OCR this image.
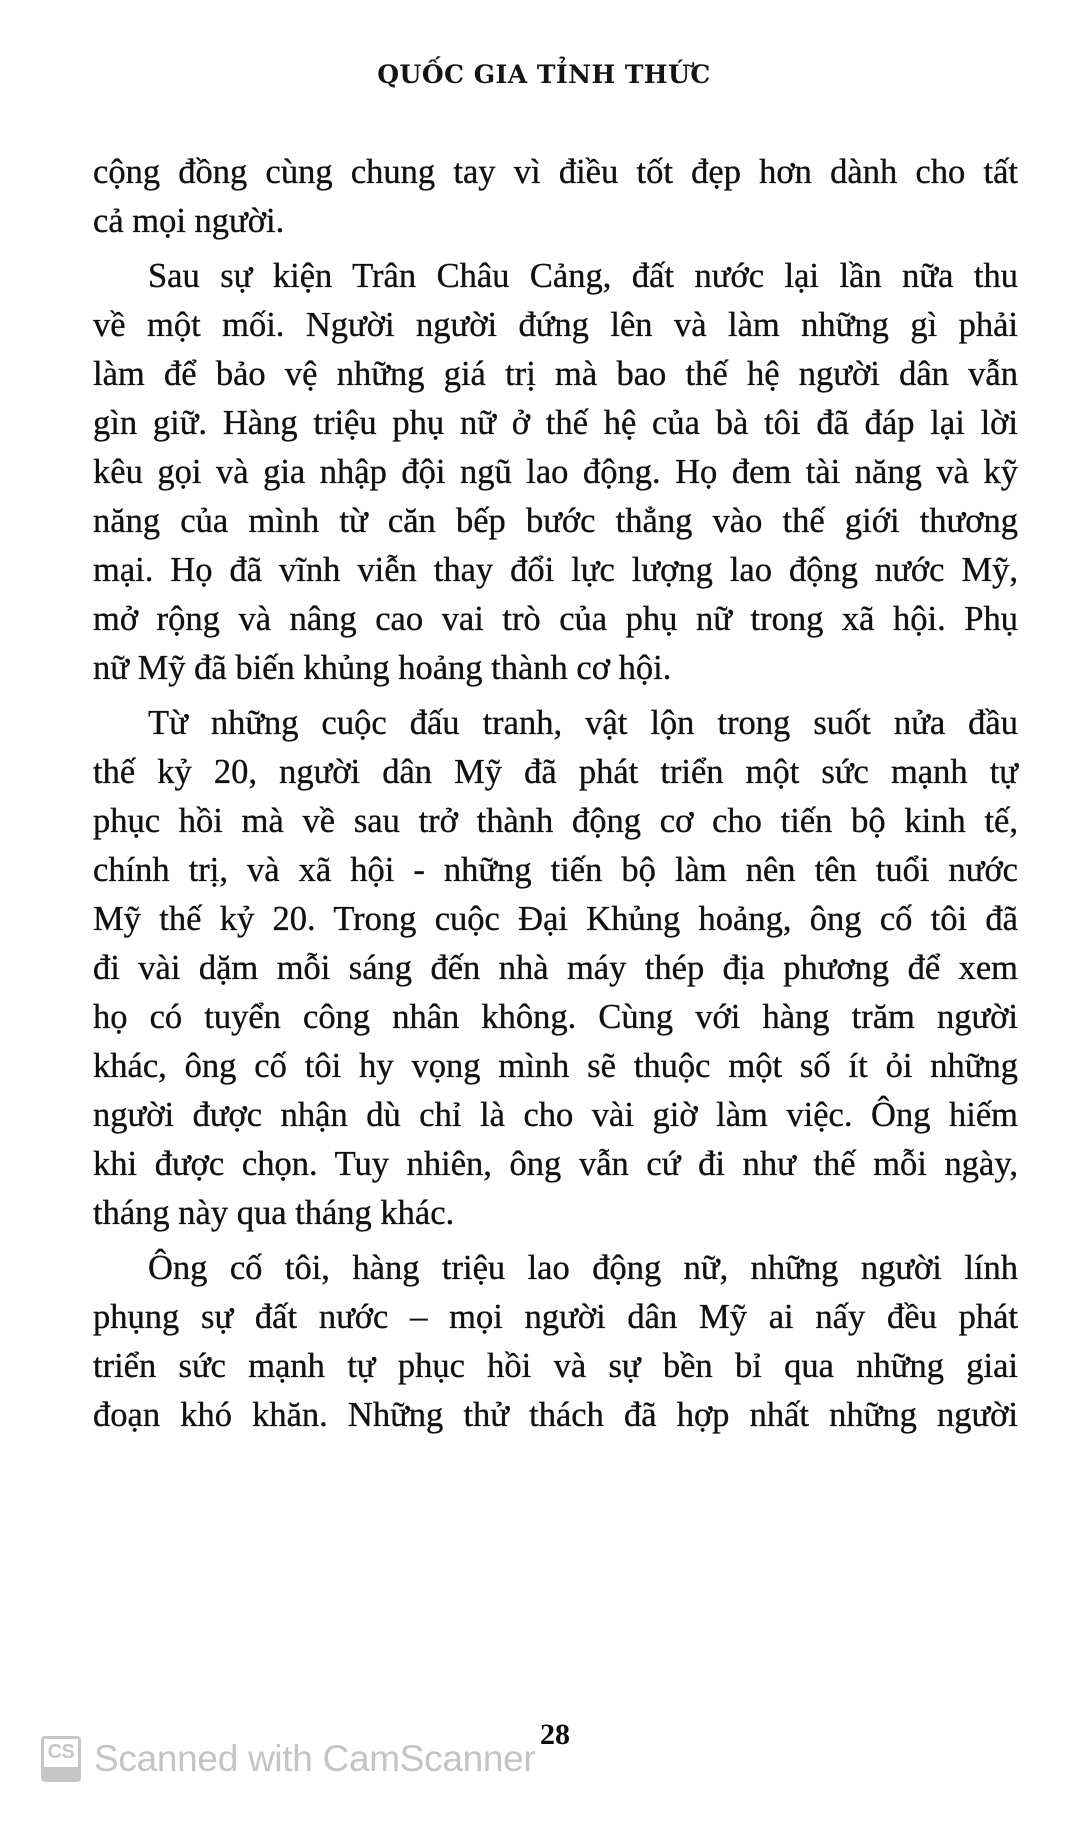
QUỐC GIA TỈNH THỨC

cộng đồng cùng chung tay vì điều tốt đẹp hơn dành cho tất
cả mọi người.

Sau sự kiện Trân Châu Cảng, đất nước lại lần nữa thu
về một mối. Người người đứng lên và làm những gì phải
làm để bảo vệ những giá trị mà bao thế hệ người dân vẫn
gìn giữ. Hàng triệu phụ nữ ở thế hệ của bà tôi đã đáp lại lời
kêu gọi và gia nhập đội ngũ lao động. Họ đem tài năng và kỹ
năng của mình từ căn bếp bước thẳng vào thế giới thương
mại. Họ đã vĩnh viễn thay đổi lực lượng lao động nước Mỹ,
mở rộng và nâng cao vai trò của phụ nữ trong xã hội. Phụ
nữ Mỹ đã biến khủng hoảng thành cơ hội.

Từ những cuộc đấu tranh, vật lộn trong suốt nửa đầu
thế kỷ 20, người dân Mỹ đã phát triển một sức mạnh tự
phục hồi mà về sau trở thành động cơ cho tiến bộ kinh tế,
chính trị, và xã hội - những tiến bộ làm nên tên tuổi nước
Mỹ thế kỷ 20. Trong cuộc Đại Khủng hoảng, ông cố tôi đã
đi vài dặm mỗi sáng đến nhà máy thép địa phương để xem
họ có tuyển công nhân không. Cùng với hàng trăm người
khác, ông cố tôi hy vọng mình sẽ thuộc một số ít ỏi những
người được nhận dù chỉ là cho vài giờ làm việc. Ông hiếm
khi được chọn. Tuy nhiên, ông vẫn cứ đi như thế mỗi ngày,
tháng này qua tháng khác.

Ông cố tôi, hàng triệu lao động nữ, những người lính
phụng sự đất nước – mọi người dân Mỹ ai nấy đều phát
triển sức mạnh tự phục hồi và sự bền bỉ qua những giai
đoạn khó khăn. Những thử thách đã hợp nhất những người

28
CS Scanned with CamScanner
